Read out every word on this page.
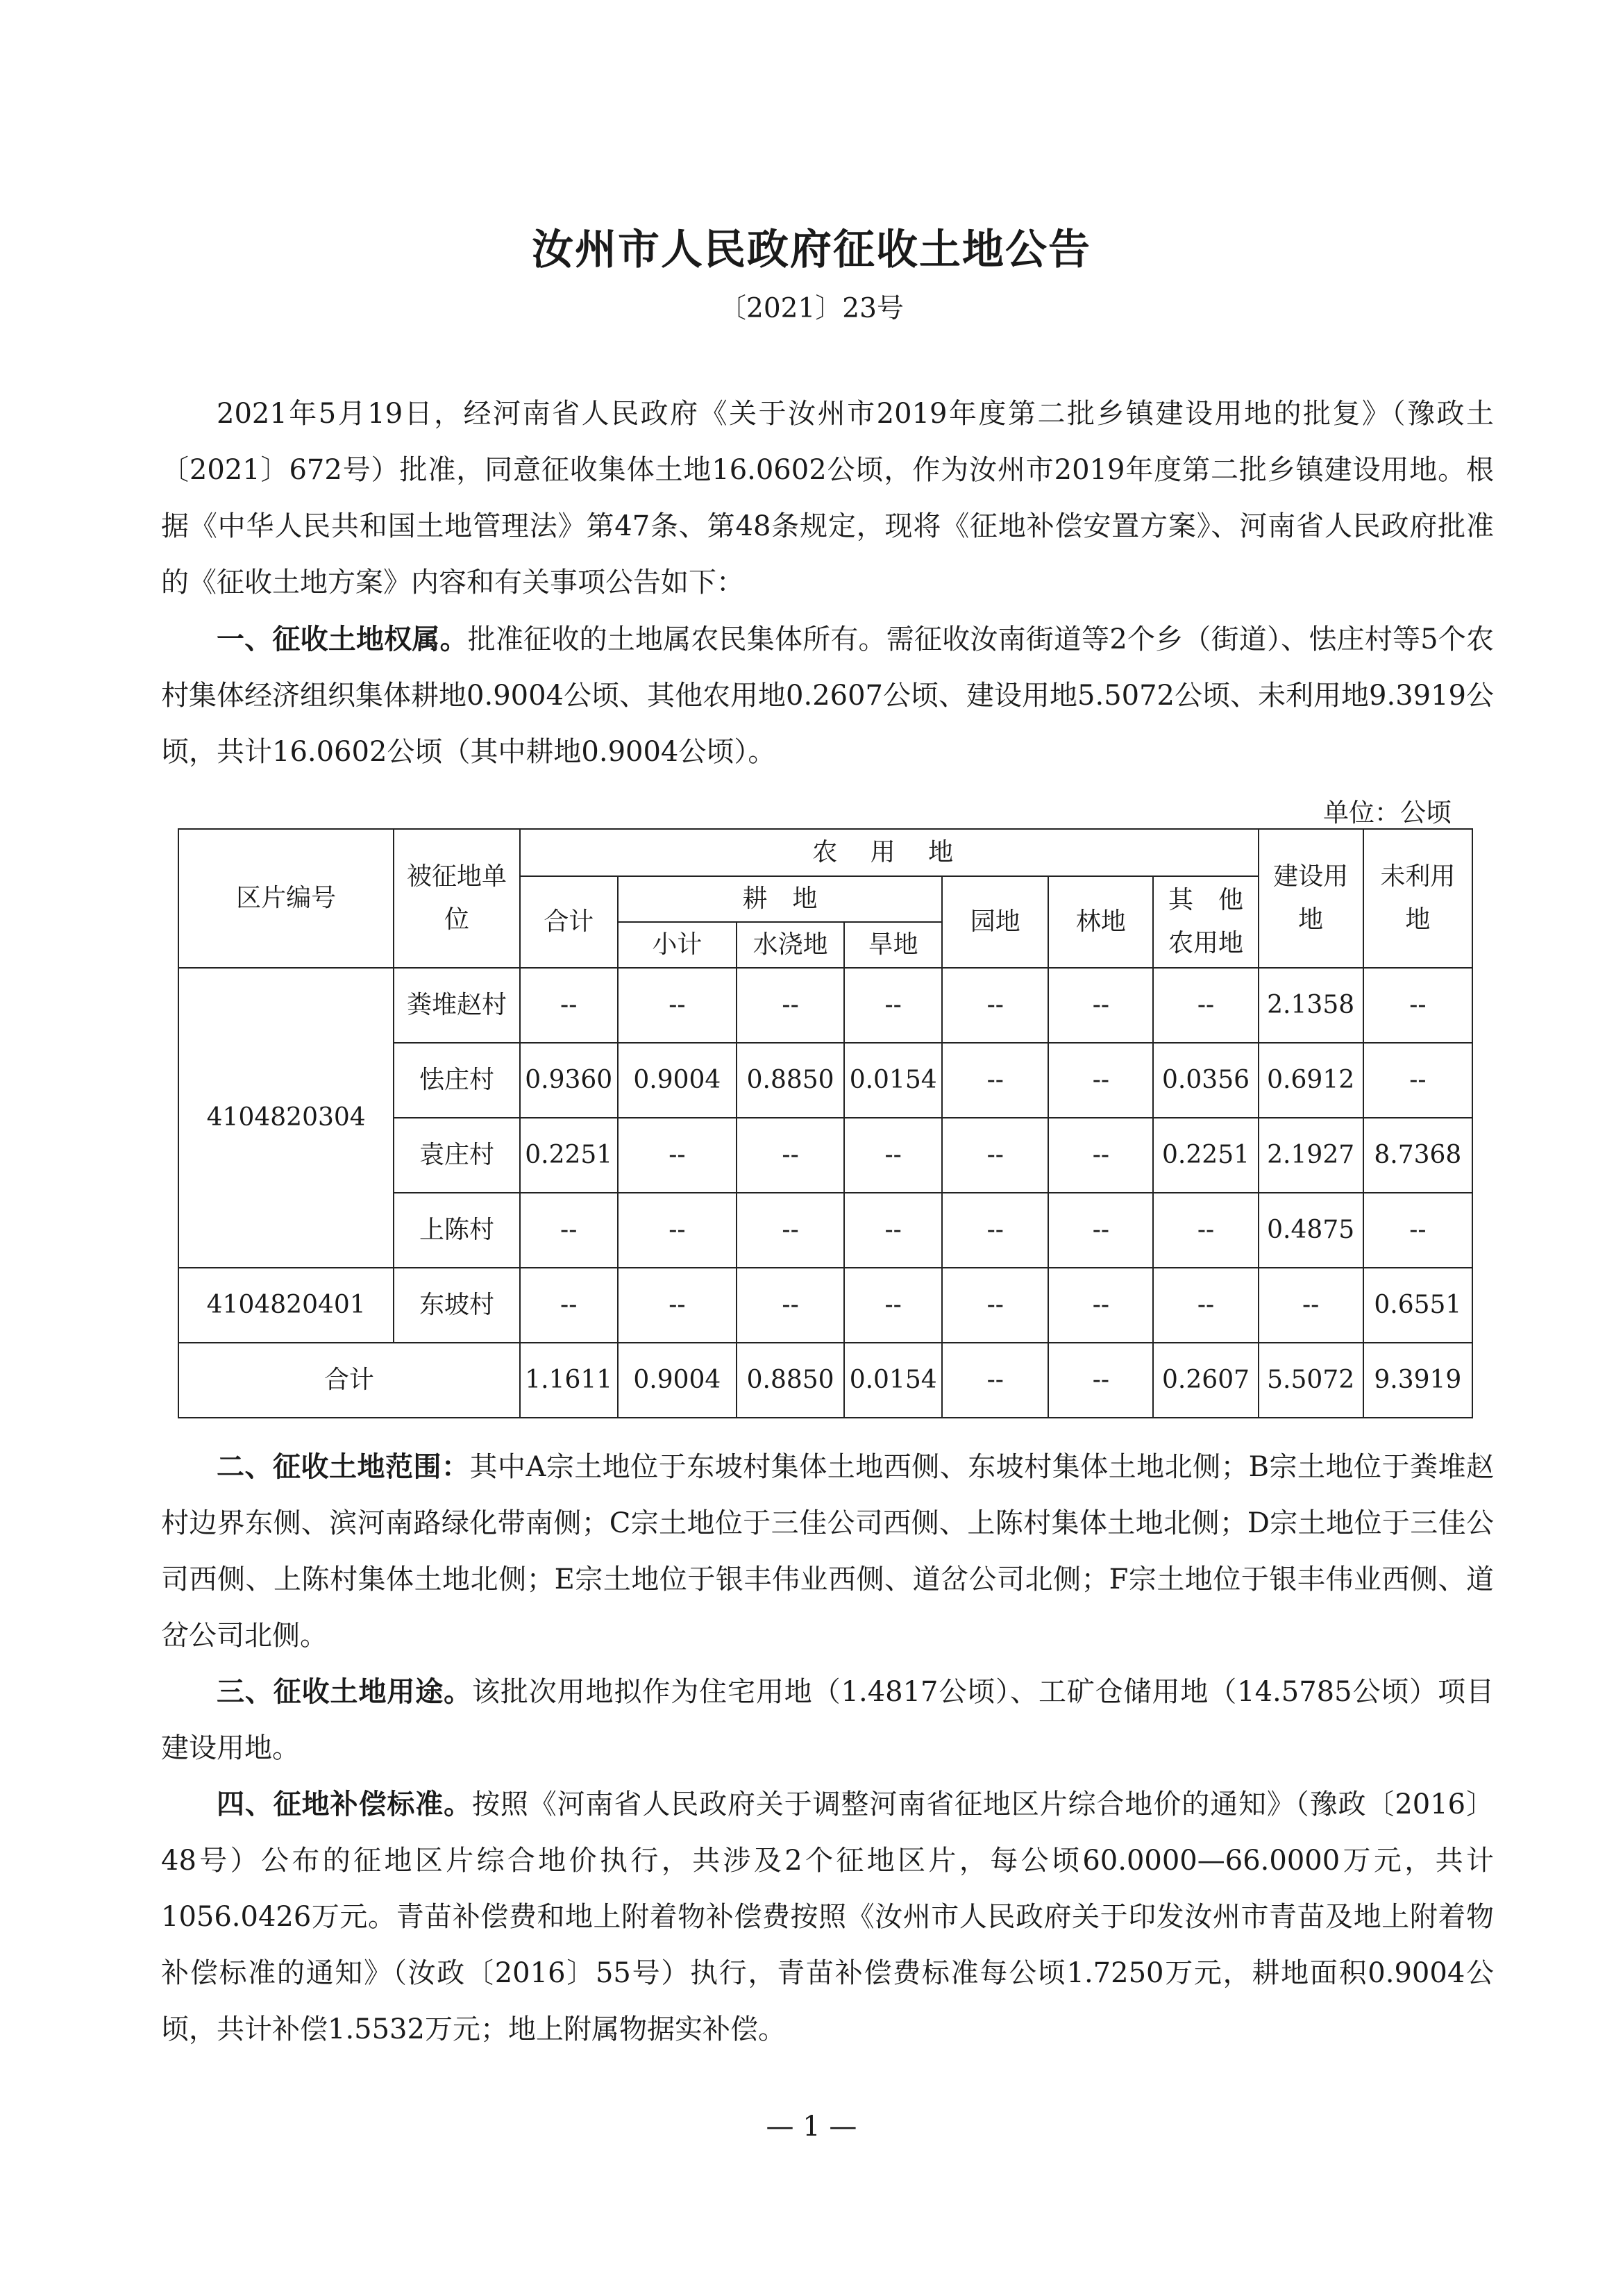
汝州市人民政府征收土地公告
〔2021〕23号

2021年5月19日，经河南省人民政府《关于汝州市2019年度第二批乡镇建设用地的批复》（豫政土〔2021〕672号）批准，同意征收集体土地16.0602公顷，作为汝州市2019年度第二批乡镇建设用地。根据《中华人民共和国土地管理法》第47条、第48条规定，现将《征地补偿安置方案》、河南省人民政府批准的《征收土地方案》内容和有关事项公告如下：

一、征收土地权属。批准征收的土地属农民集体所有。需征收汝南街道等2个乡（街道）、怯庄村等5个农村集体经济组织集体耕地0.9004公顷、其他农用地0.2607公顷、建设用地5.5072公顷、未利用地9.3919公顷，共计16.0602公顷（其中耕地0.9004公顷）。

单位：公顷
区片编号	被征地单位	农 用 地							建设用地	未利用地
		合计	耕　地			园地	林地	其　他农用地		
			小计	水浇地	旱地					
4104820304	粪堆赵村	--	--	--	--	--	--	--	2.1358	--
	怯庄村	0.9360	0.9004	0.8850	0.0154	--	--	0.0356	0.6912	--
	袁庄村	0.2251	--	--	--	--	--	0.2251	2.1927	8.7368
	上陈村	--	--	--	--	--	--	--	0.4875	--
4104820401	东坡村	--	--	--	--	--	--	--	--	0.6551
合计		1.1611	0.9004	0.8850	0.0154	--	--	0.2607	5.5072	9.3919

二、征收土地范围：其中A宗土地位于东坡村集体土地西侧、东坡村集体土地北侧；B宗土地位于粪堆赵村边界东侧、滨河南路绿化带南侧；C宗土地位于三佳公司西侧、上陈村集体土地北侧；D宗土地位于三佳公司西侧、上陈村集体土地北侧；E宗土地位于银丰伟业西侧、道岔公司北侧；F宗土地位于银丰伟业西侧、道岔公司北侧。

三、征收土地用途。该批次用地拟作为住宅用地（1.4817公顷）、工矿仓储用地（14.5785公顷）项目建设用地。

四、征地补偿标准。按照《河南省人民政府关于调整河南省征地区片综合地价的通知》（豫政〔2016〕48号）公布的征地区片综合地价执行，共涉及2个征地区片，每公顷60.0000—66.0000万元，共计1056.0426万元。青苗补偿费和地上附着物补偿费按照《汝州市人民政府关于印发汝州市青苗及地上附着物补偿标准的通知》（汝政〔2016〕55号）执行，青苗补偿费标准每公顷1.7250万元，耕地面积0.9004公顷，共计补偿1.5532万元；地上附属物据实补偿。

— 1 —
